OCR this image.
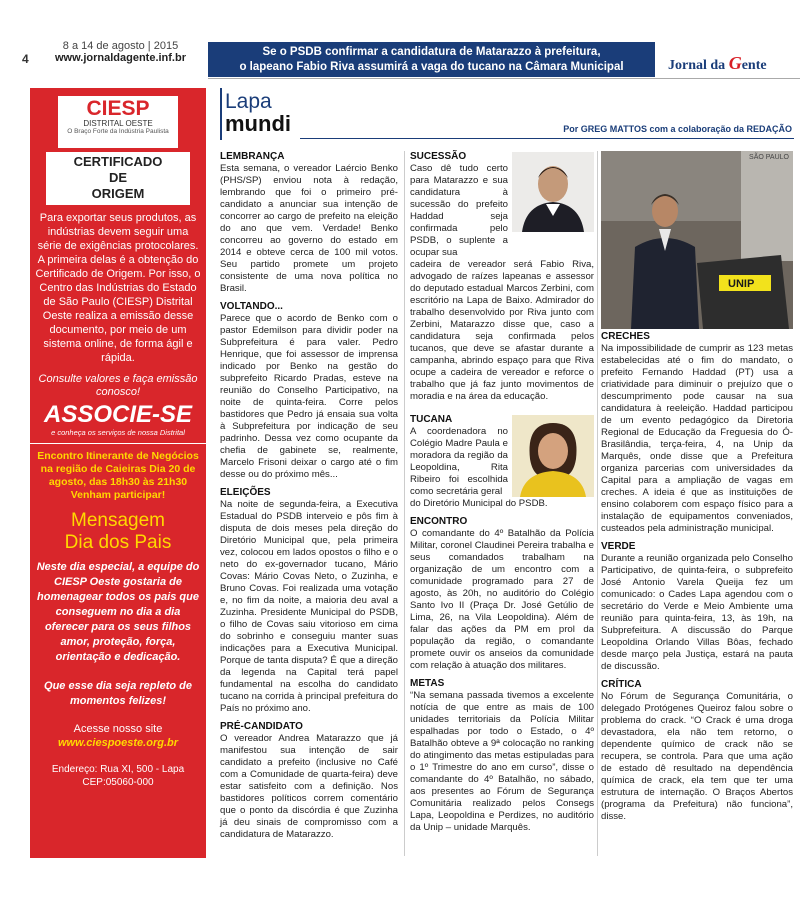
4
8 a 14 de agosto | 2015
www.jornaldagente.inf.br	Se o PSDB confirmar a candidatura de Matarazzo à prefeitura,
o lapeano Fabio Riva assumirá a vaga do tucano na Câmara Municipal	Jornal da Gente
CIESP
DISTRITAL OESTE
O Braço Forte da Indústria Paulista
CERTIFICADO
DE
ORIGEM
Para exportar seus produtos, as indústrias devem seguir uma série de exigências protocolares. A primeira delas é a obtenção do Certificado de Origem. Por isso, o Centro das Indústrias do Estado de São Paulo (CIESP) Distrital Oeste realiza a emissão desse documento, por meio de um sistema online, de forma ágil e rápida.
Consulte valores e faça emissão conosco!
ASSOCIE-SE
e conheça os serviços de nossa Distrital
Encontro Itinerante de Negócios na região de Caieiras Dia 20 de agosto, das 18h30 às 21h30 Venham participar!
Mensagem
Dia dos Pais
Neste dia especial, a equipe do CIESP Oeste gostaria de homenagear todos os pais que conseguem no dia a dia oferecer para os seus filhos amor, proteção, força, orientação e dedicação.
Que esse dia seja repleto de momentos felizes!
Acesse nosso site
www.ciespoeste.org.br
Endereço: Rua XI, 500 - Lapa
CEP:05060-000
Lapa
mundi	Por GREG MATTOS com a colaboração da REDAÇÃO
LEMBRANÇA

Esta semana, o vereador Laércio Benko (PHS/SP) enviou nota à redação, lembrando que foi o primeiro pré-candidato a anunciar sua intenção de concorrer ao cargo de prefeito na eleição do ano que vem. Verdade! Benko concorreu ao governo do estado em 2014 e obteve cerca de 100 mil votos. Seu partido promete um projeto consistente de uma nova política no Brasil.

VOLTANDO...

Parece que o acordo de Benko com o pastor Edemilson para dividir poder na Subprefeitura é para valer. Pedro Henrique, que foi assessor de imprensa indicado por Benko na gestão do subprefeito Ricardo Pradas, esteve na reunião do Conselho Participativo, na noite de quinta-feira. Corre pelos bastidores que Pedro já ensaia sua volta à Subprefeitura por indicação de seu padrinho. Dessa vez como ocupante da chefia de gabinete se, realmente, Marcelo Frisoni deixar o cargo até o fim desse ou do próximo mês...

ELEIÇÕES

Na noite de segunda-feira, a Executiva Estadual do PSDB interveio e pôs fim à disputa de dois meses pela direção do Diretório Municipal que, pela primeira vez, colocou em lados opostos o filho e o neto do ex-governador tucano, Mário Covas: Mário Covas Neto, o Zuzinha, e Bruno Covas. Foi realizada uma votação e, no fim da noite, a maioria deu aval a Zuzinha. Presidente Municipal do PSDB, o filho de Covas saiu vitorioso em cima do sobrinho e conseguiu manter suas indicações para a Executiva Municipal. Porque de tanta disputa? É que a direção da legenda na Capital terá papel fundamental na escolha do candidato tucano na corrida à principal prefeitura do País no próximo ano.

PRÉ-CANDIDATO

O vereador Andrea Matarazzo que já manifestou sua intenção de sair candidato a prefeito (inclusive no Café com a Comunidade de quarta-feira) deve estar satisfeito com a definição. Nos bastidores políticos correm comentário que o ponto da discórdia é que Zuzinha já deu sinais de compromisso com a candidatura de Matarazzo.

SUCESSÃO

Caso dê tudo certo para Matarazzo e sua candidatura à sucessão do prefeito Haddad seja confirmada pelo PSDB, o suplente a ocupar sua

cadeira de vereador será Fabio Riva, advogado de raízes lapeanas e assessor do deputado estadual Marcos Zerbini, com escritório na Lapa de Baixo. Admirador do trabalho desenvolvido por Riva junto com Zerbini, Matarazzo disse que, caso a candidatura seja confirmada pelos tucanos, que deve se afastar durante a campanha, abrindo espaço para que Riva ocupe a cadeira de vereador e reforce o trabalho que já faz junto movimentos de moradia e na área da educação.

TUCANA

A coordenadora no Colégio Madre Paula e moradora da região da Leopoldina, Rita Ribeiro foi escolhida como secretária geral

do Diretório Municipal do PSDB.

ENCONTRO

O comandante do 4º Batalhão da Polícia Militar, coronel Claudinei Pereira trabalha e seus comandados trabalham na organização de um encontro com a comunidade programado para 27 de agosto, às 20h, no auditório do Colégio Santo Ivo II (Praça Dr. José Getúlio de Lima, 26, na Vila Leopoldina). Além de falar das ações da PM em prol da população da região, o comandante promete ouvir os anseios da comunidade com relação à atuação dos militares.

METAS

“Na semana passada tivemos a excelente notícia de que entre as mais de 100 unidades territoriais da Polícia Militar espalhadas por todo o Estado, o 4º Batalhão obteve a 9ª colocação no ranking do atingimento das metas estipuladas para o 1º Trimestre do ano em curso”, disse o comandante do 4º Batalhão, no sábado, aos presentes ao Fórum de Segurança Comunitária realizado pelos Consegs Lapa, Leopoldina e Perdizes, no auditório da Unip – unidade Marquês.

SÃO PAULO
UNIP
CRECHES

Na impossibilidade de cumprir as 123 metas estabelecidas até o fim do mandato, o prefeito Fernando Haddad (PT) usa a criatividade para diminuir o prejuízo que o descumprimento pode causar na sua candidatura à reeleição. Haddad participou de um evento pedagógico da Diretoria Regional de Educação da Freguesia do Ó-Brasilândia, terça-feira, 4, na Unip da Marquês, onde disse que a Prefeitura organiza parcerias com universidades da Capital para a ampliação de vagas em creches. A ideia é que as instituições de ensino colaborem com espaço físico para a instalação de equipamentos conveniados, custeados pela administração municipal.

VERDE

Durante a reunião organizada pelo Conselho Participativo, de quinta-feira, o subprefeito José Antonio Varela Queija fez um comunicado: o Cades Lapa agendou com o secretário do Verde e Meio Ambiente uma reunião para quinta-feira, 13, às 19h, na Subprefeitura. A discussão do Parque Leopoldina Orlando Villas Bôas, fechado desde março pela Justiça, estará na pauta de discussão.

CRÍTICA

No Fórum de Segurança Comunitária, o delegado Protógenes Queiroz falou sobre o problema do crack. “O Crack é uma droga devastadora, ela não tem retorno, o dependente químico de crack não se recupera, se controla. Para que uma ação de estado dê resultado na dependência química de crack, ela tem que ter uma estrutura de internação. O Braços Abertos (programa da Prefeitura) não funciona”, disse.
